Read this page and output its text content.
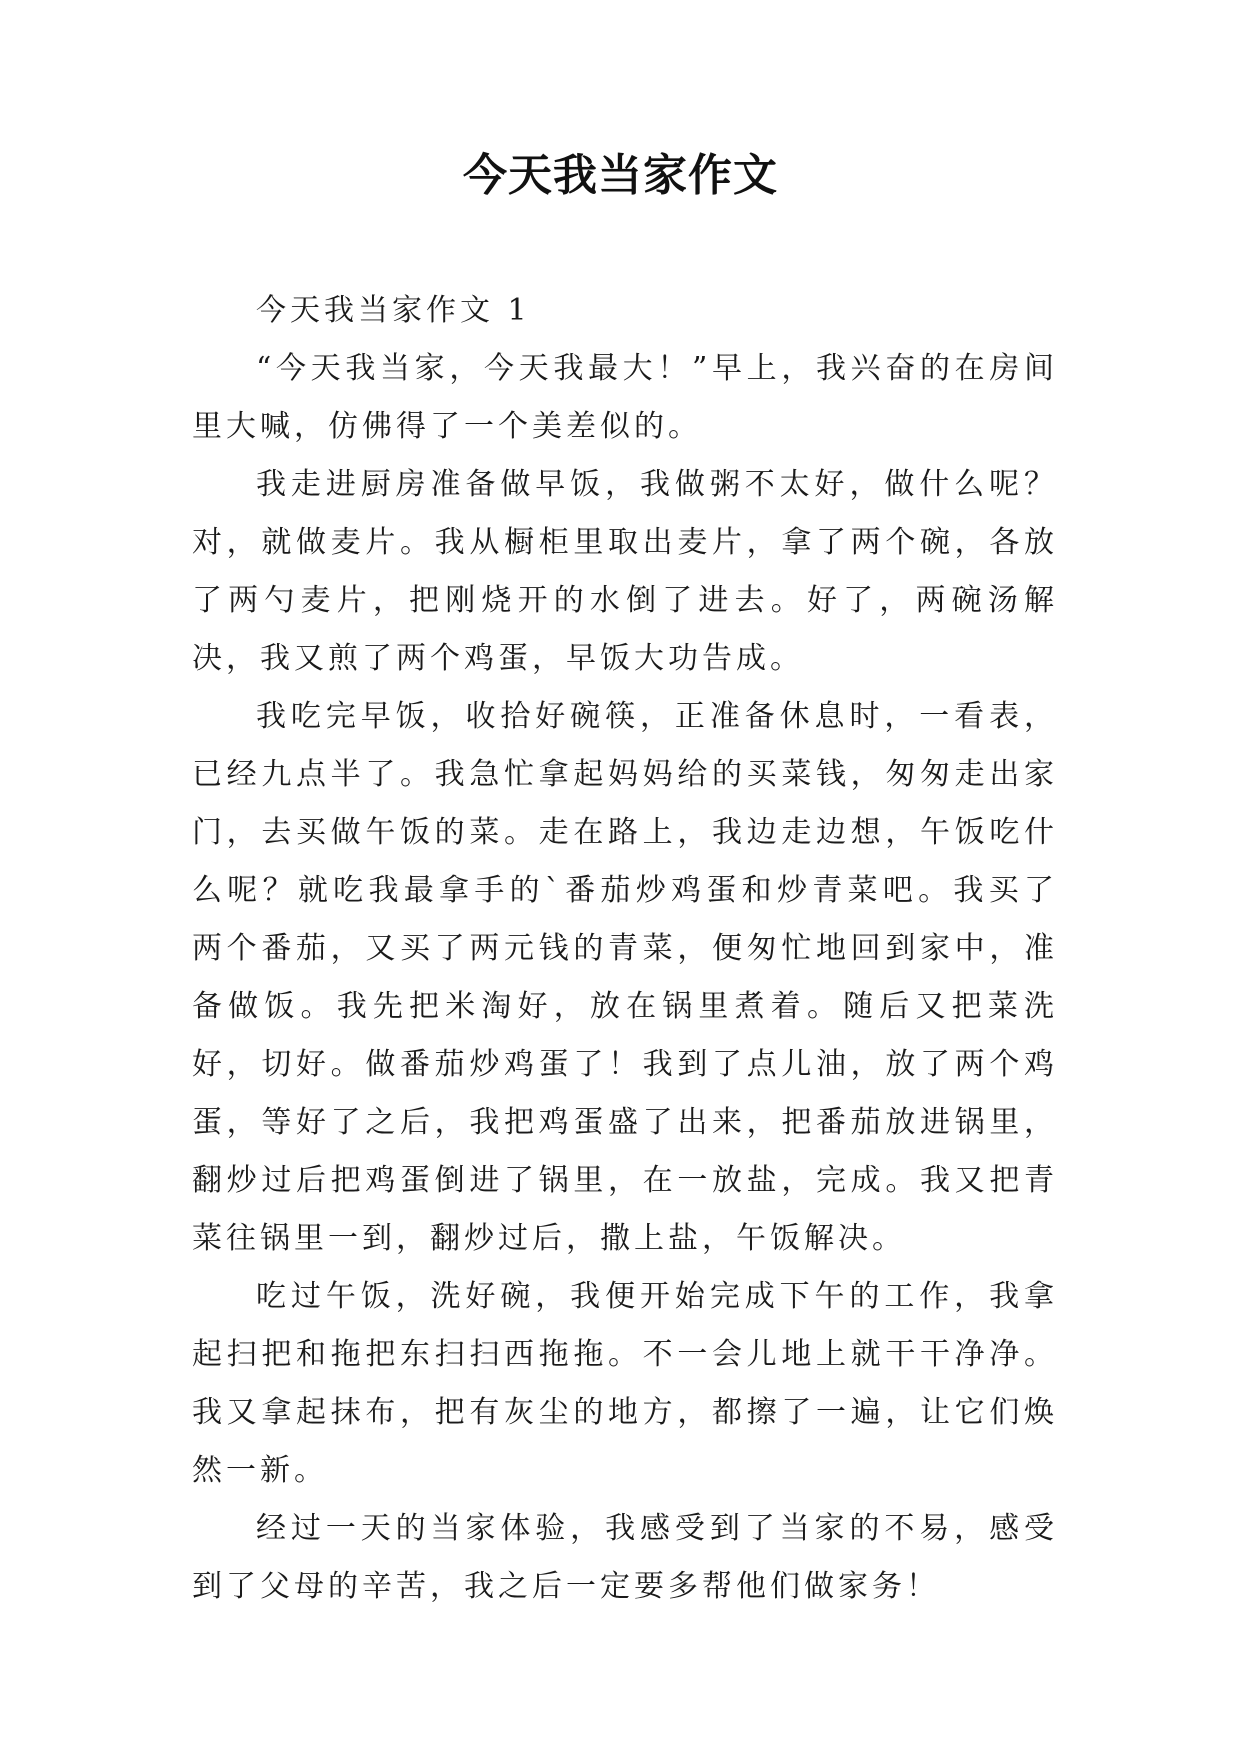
今天我当家作文
今天我当家作文 1

“今天我当家，今天我最大！”早上，我兴奋的在房间里大喊，仿佛得了一个美差似的。

我走进厨房准备做早饭，我做粥不太好，做什么呢？对，就做麦片。我从橱柜里取出麦片，拿了两个碗，各放了两勺麦片，把刚烧开的水倒了进去。好了，两碗汤解决，我又煎了两个鸡蛋，早饭大功告成。

我吃完早饭，收拾好碗筷，正准备休息时，一看表，已经九点半了。我急忙拿起妈妈给的买菜钱，匆匆走出家门，去买做午饭的菜。走在路上，我边走边想，午饭吃什么呢？就吃我最拿手的`番茄炒鸡蛋和炒青菜吧。我买了两个番茄，又买了两元钱的青菜，便匆忙地回到家中，准备做饭。我先把米淘好，放在锅里煮着。随后又把菜洗好，切好。做番茄炒鸡蛋了！我到了点儿油，放了两个鸡蛋，等好了之后，我把鸡蛋盛了出来，把番茄放进锅里，翻炒过后把鸡蛋倒进了锅里，在一放盐，完成。我又把青菜往锅里一到，翻炒过后，撒上盐，午饭解决。

吃过午饭，洗好碗，我便开始完成下午的工作，我拿起扫把和拖把东扫扫西拖拖。不一会儿地上就干干净净。我又拿起抹布，把有灰尘的地方，都擦了一遍，让它们焕然一新。

经过一天的当家体验，我感受到了当家的不易，感受到了父母的辛苦，我之后一定要多帮他们做家务！
